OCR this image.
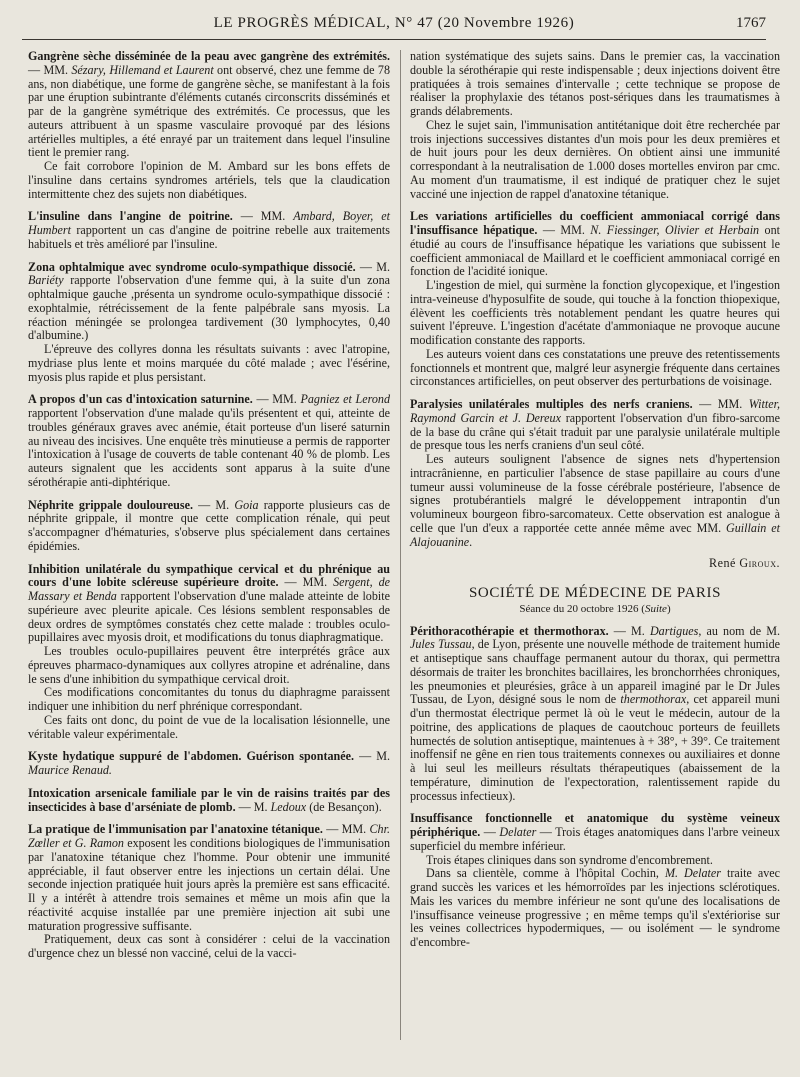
LE PROGRÈS MÉDICAL, N° 47 (20 Novembre 1926)	1767

Gangrène sèche disséminée de la peau avec gangrène des extrémités. — MM. Sézary, Hillemand et Laurent ont observé, chez une femme de 78 ans, non diabétique, une forme de gangrène sèche, se manifestant à la fois par une éruption subintrante d'éléments cutanés circonscrits disséminés et par de la gangrène symétrique des extrémités. Ce processus, que les auteurs attribuent à un spasme vasculaire provoqué par des lésions artérielles multiples, a été enrayé par un traitement dans lequel l'insuline tient le premier rang.

Ce fait corrobore l'opinion de M. Ambard sur les bons effets de l'insuline dans certains syndromes artériels, tels que la claudication intermittente chez des sujets non diabétiques.

L'insuline dans l'angine de poitrine. — MM. Ambard, Boyer, et Humbert rapportent un cas d'angine de poitrine rebelle aux traitements habituels et très amélioré par l'insuline.

Zona ophtalmique avec syndrome oculo-sympathique dissocié. — M. Bariéty rapporte l'observation d'une femme qui, à la suite d'un zona ophtalmique gauche ,présenta un syndrome oculo-sympathique dissocié : exophtalmie, rétrécissement de la fente palpébrale sans myosis. La réaction méningée se prolongea tardivement (30 lymphocytes, 0,40 d'albumine.)

L'épreuve des collyres donna les résultats suivants : avec l'atropine, mydriase plus lente et moins marquée du côté malade ; avec l'ésérine, myosis plus rapide et plus persistant.

A propos d'un cas d'intoxication saturnine. — MM. Pagniez et Lerond rapportent l'observation d'une malade qu'ils présentent et qui, atteinte de troubles généraux graves avec anémie, était porteuse d'un liseré saturnin au niveau des incisives. Une enquête très minutieuse a permis de rapporter l'intoxication à l'usage de couverts de table contenant 40 % de plomb. Les auteurs signalent que les accidents sont apparus à la suite d'une sérothérapie anti-diphtérique.

Néphrite grippale douloureuse. — M. Goia rapporte plusieurs cas de néphrite grippale, il montre que cette complication rénale, qui peut s'accompagner d'hématuries, s'observe plus spécialement dans certaines épidémies.

Inhibition unilatérale du sympathique cervical et du phrénique au cours d'une lobite scléreuse supérieure droite. — MM. Sergent, de Massary et Benda rapportent l'observation d'une malade atteinte de lobite supérieure avec pleurite apicale. Ces lésions semblent responsables de deux ordres de symptômes constatés chez cette malade : troubles oculo-pupillaires avec myosis droit, et modifications du tonus diaphragmatique.

Les troubles oculo-pupillaires peuvent être interprétés grâce aux épreuves pharmaco-dynamiques aux collyres atropine et adrénaline, dans le sens d'une inhibition du sympathique cervical droit.

Ces modifications concomitantes du tonus du diaphragme paraissent indiquer une inhibition du nerf phrénique correspondant.

Ces faits ont donc, du point de vue de la localisation lésionnelle, une véritable valeur expérimentale.

Kyste hydatique suppuré de l'abdomen. Guérison spontanée. — M. Maurice Renaud.

Intoxication arsenicale familiale par le vin de raisins traités par des insecticides à base d'arséniate de plomb. — M. Ledoux (de Besançon).

La pratique de l'immunisation par l'anatoxine tétanique. — MM. Chr. Zœller et G. Ramon exposent les conditions biologiques de l'immunisation par l'anatoxine tétanique chez l'homme. Pour obtenir une immunité appréciable, il faut observer entre les injections un certain délai. Une seconde injection pratiquée huit jours après la première est sans efficacité. Il y a intérêt à attendre trois semaines et même un mois afin que la réactivité acquise installée par une première injection ait subi une maturation progressive suffisante.

Pratiquement, deux cas sont à considérer : celui de la vaccination d'urgence chez un blessé non vacciné, celui de la vacci-

nation systématique des sujets sains. Dans le premier cas, la vaccination double la sérothérapie qui reste indispensable ; deux injections doivent être pratiquées à trois semaines d'intervalle ; cette technique se propose de réaliser la prophylaxie des tétanos post-sériques dans les traumatismes à grands délabrements.

Chez le sujet sain, l'immunisation antitétanique doit être recherchée par trois injections successives distantes d'un mois pour les deux premières et de huit jours pour les deux dernières. On obtient ainsi une immunité correspondant à la neutralisation de 1.000 doses mortelles environ par cmc. Au moment d'un traumatisme, il est indiqué de pratiquer chez le sujet vacciné une injection de rappel d'anatoxine tétanique.

Les variations artificielles du coefficient ammoniacal corrigé dans l'insuffisance hépatique. — MM. N. Fiessinger, Olivier et Herbain ont étudié au cours de l'insuffisance hépatique les variations que subissent le coefficient ammoniacal de Maillard et le coefficient ammoniacal corrigé en fonction de l'acidité ionique.

L'ingestion de miel, qui surmène la fonction glycopexique, et l'ingestion intra-veineuse d'hyposulfite de soude, qui touche à la fonction thiopexique, élèvent les coefficients très notablement pendant les quatre heures qui suivent l'épreuve. L'ingestion d'acétate d'ammoniaque ne provoque aucune modification constante des rapports.

Les auteurs voient dans ces constatations une preuve des retentissements fonctionnels et montrent que, malgré leur asynergie fréquente dans certaines circonstances artificielles, on peut observer des perturbations de voisinage.

Paralysies unilatérales multiples des nerfs craniens. — MM. Witter, Raymond Garcin et J. Dereux rapportent l'observation d'un fibro-sarcome de la base du crâne qui s'était traduit par une paralysie unilatérale multiple de presque tous les nerfs craniens d'un seul côté.

Les auteurs soulignent l'absence de signes nets d'hypertension intracrânienne, en particulier l'absence de stase papillaire au cours d'une tumeur aussi volumineuse de la fosse cérébrale postérieure, l'absence de signes protubérantiels malgré le développement intrapontin d'un volumineux bourgeon fibro-sarcomateux. Cette observation est analogue à celle que l'un d'eux a rapportée cette année même avec MM. Guillain et Alajouanine.

René Giroux.

SOCIÉTÉ DE MÉDECINE DE PARIS
Séance du 20 octobre 1926 (Suite)

Périthoracothérapie et thermothorax. — M. Dartigues, au nom de M. Jules Tussau, de Lyon, présente une nouvelle méthode de traitement humide et antiseptique sans chauffage permanent autour du thorax, qui permettra désormais de traiter les bronchites bacillaires, les bronchorrhées chroniques, les pneumonies et pleurésies, grâce à un appareil imaginé par le Dr Jules Tussau, de Lyon, désigné sous le nom de thermothorax, cet appareil muni d'un thermostat électrique permet là où le veut le médecin, autour de la poitrine, des applications de plaques de caoutchouc porteurs de feuillets humectés de solution antiseptique, maintenues à + 38°, + 39°. Ce traitement inoffensif ne gêne en rien tous traitements connexes ou auxiliaires et donne à lui seul les meilleurs résultats thérapeutiques (abaissement de la température, diminution de l'expectoration, ralentissement rapide du processus infectieux).

Insuffisance fonctionnelle et anatomique du système veineux périphérique. — Delater — Trois étages anatomiques dans l'arbre veineux superficiel du membre inférieur.

Trois étapes cliniques dans son syndrome d'encombrement.

Dans sa clientèle, comme à l'hôpital Cochin, M. Delater traite avec grand succès les varices et les hémorroïdes par les injections sclérotiques. Mais les varices du membre inférieur ne sont qu'une des localisations de l'insuffisance veineuse progressive ; en même temps qu'il s'extériorise sur les veines collectrices hypodermiques, — ou isolément — le syndrome d'encombre-
